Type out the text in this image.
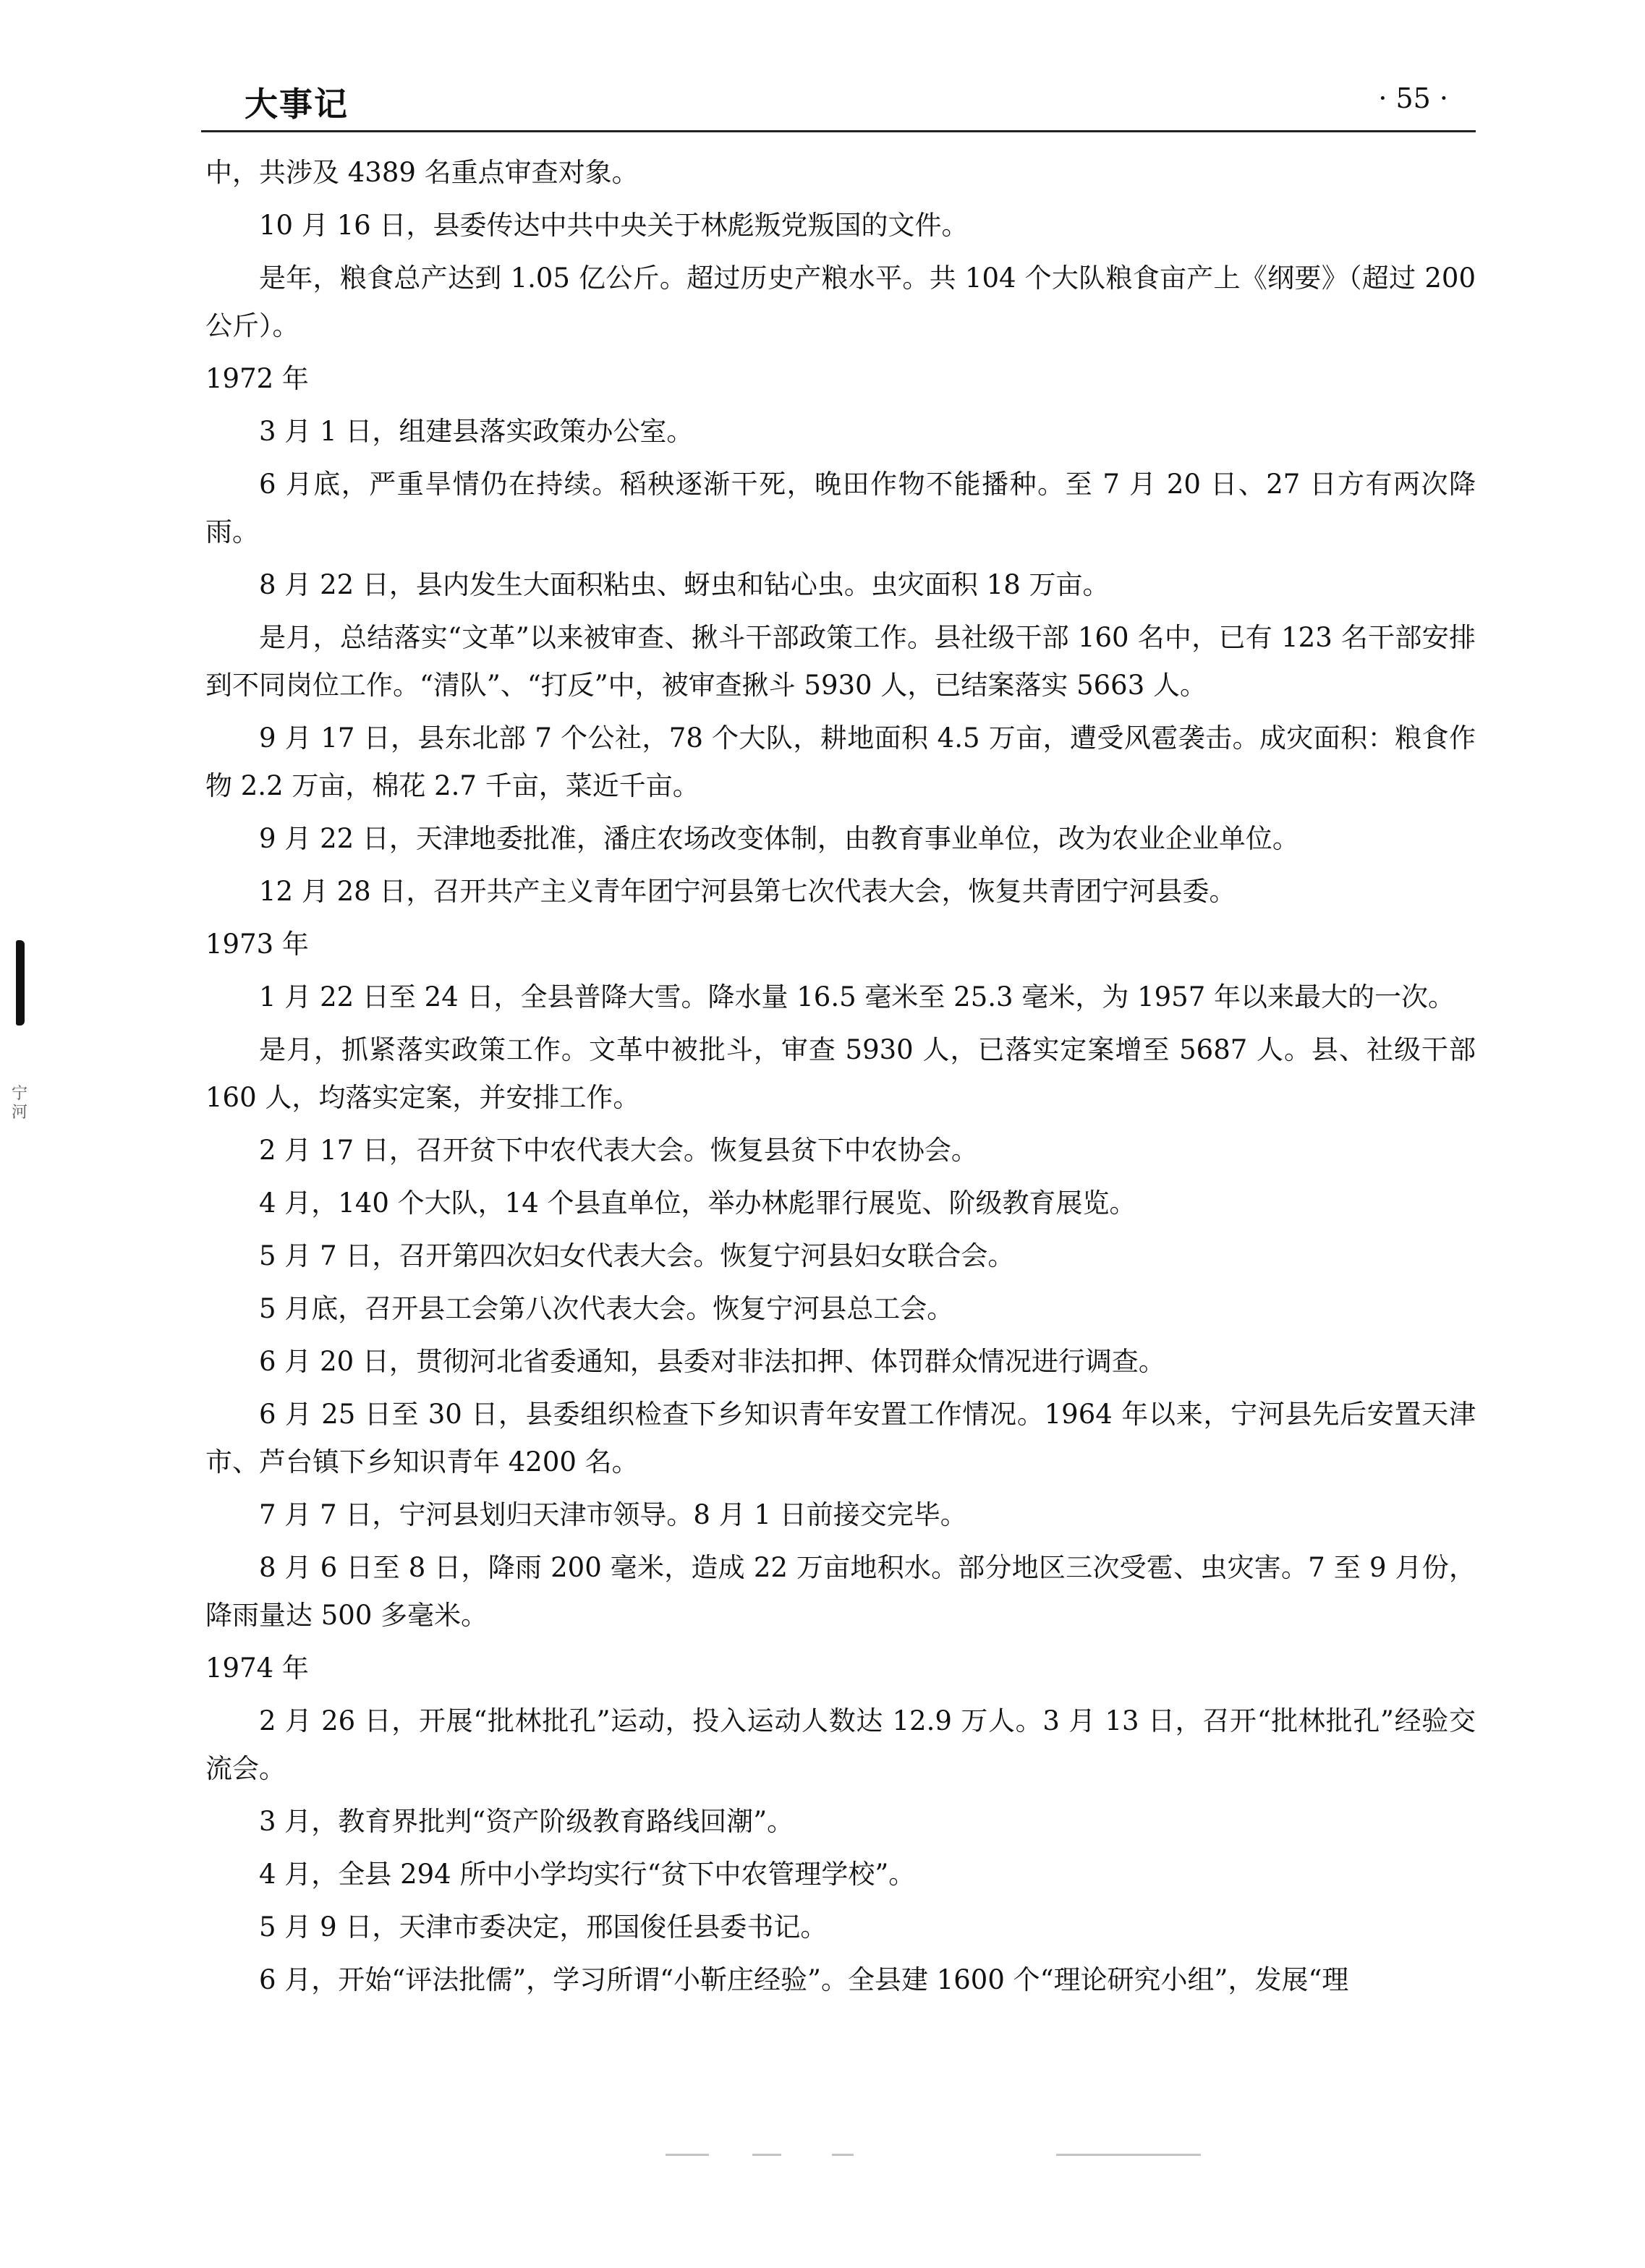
大事记	· 55 ·
宁河

中，共涉及 4389 名重点审查对象。

10 月 16 日，县委传达中共中央关于林彪叛党叛国的文件。

是年，粮食总产达到 1.05 亿公斤。超过历史产粮水平。共 104 个大队粮食亩产上《纲要》（超过 200 公斤）。

1972 年

3 月 1 日，组建县落实政策办公室。

6 月底，严重旱情仍在持续。稻秧逐渐干死，晚田作物不能播种。至 7 月 20 日、27 日方有两次降雨。

8 月 22 日，县内发生大面积粘虫、蚜虫和钻心虫。虫灾面积 18 万亩。

是月，总结落实“文革”以来被审查、揪斗干部政策工作。县社级干部 160 名中，已有 123 名干部安排到不同岗位工作。“清队”、“打反”中，被审查揪斗 5930 人，已结案落实 5663 人。

9 月 17 日，县东北部 7 个公社，78 个大队，耕地面积 4.5 万亩，遭受风雹袭击。成灾面积：粮食作物 2.2 万亩，棉花 2.7 千亩，菜近千亩。

9 月 22 日，天津地委批准，潘庄农场改变体制，由教育事业单位，改为农业企业单位。

12 月 28 日，召开共产主义青年团宁河县第七次代表大会，恢复共青团宁河县委。

1973 年

1 月 22 日至 24 日，全县普降大雪。降水量 16.5 毫米至 25.3 毫米，为 1957 年以来最大的一次。

是月，抓紧落实政策工作。文革中被批斗，审查 5930 人，已落实定案增至 5687 人。县、社级干部 160 人，均落实定案，并安排工作。

2 月 17 日，召开贫下中农代表大会。恢复县贫下中农协会。

4 月，140 个大队，14 个县直单位，举办林彪罪行展览、阶级教育展览。

5 月 7 日，召开第四次妇女代表大会。恢复宁河县妇女联合会。

5 月底，召开县工会第八次代表大会。恢复宁河县总工会。

6 月 20 日，贯彻河北省委通知，县委对非法扣押、体罚群众情况进行调查。

6 月 25 日至 30 日，县委组织检查下乡知识青年安置工作情况。1964 年以来，宁河县先后安置天津市、芦台镇下乡知识青年 4200 名。

7 月 7 日，宁河县划归天津市领导。8 月 1 日前接交完毕。

8 月 6 日至 8 日，降雨 200 毫米，造成 22 万亩地积水。部分地区三次受雹、虫灾害。7 至 9 月份，降雨量达 500 多毫米。

1974 年

2 月 26 日，开展“批林批孔”运动，投入运动人数达 12.9 万人。3 月 13 日，召开“批林批孔”经验交流会。

3 月，教育界批判“资产阶级教育路线回潮”。

4 月，全县 294 所中小学均实行“贫下中农管理学校”。

5 月 9 日，天津市委决定，邢国俊任县委书记。

6 月，开始“评法批儒”，学习所谓“小靳庄经验”。全县建 1600 个“理论研究小组”，发展“理
